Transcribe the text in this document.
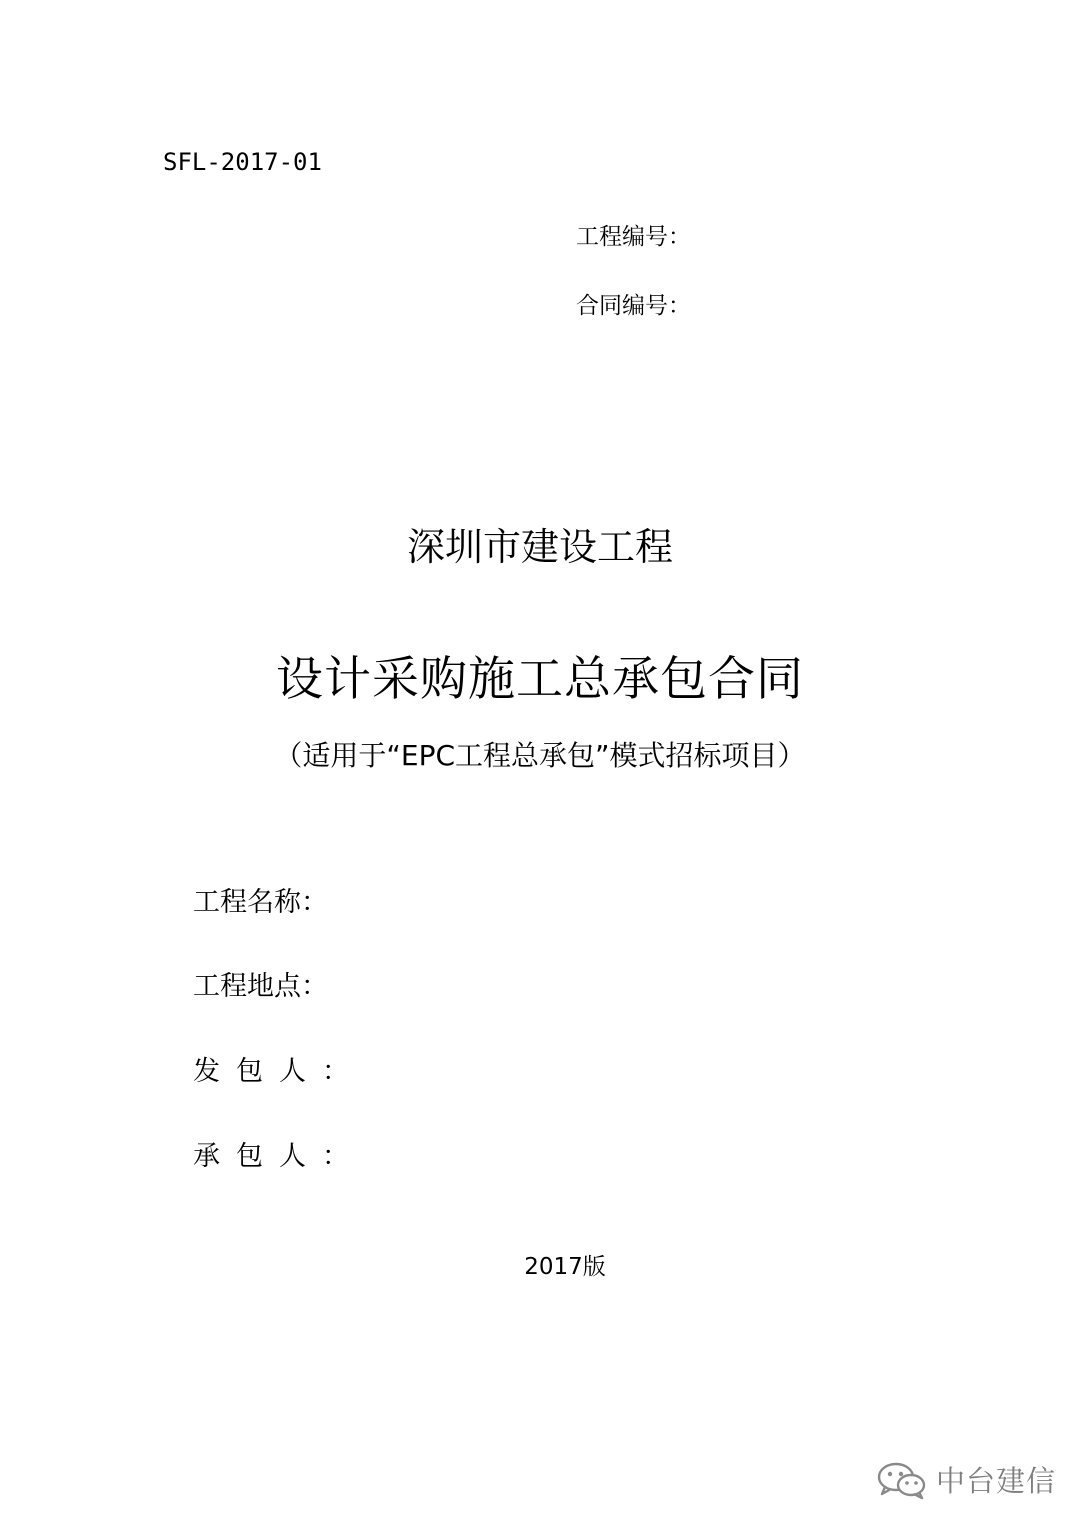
SFL-2017-01
工程编号：
合同编号：
深圳市建设工程
设计采购施工总承包合同
（适用于“EPC工程总承包”模式招标项目）
工程名称：
工程地点：
发包人：
承包人：
2017版
中台建信
